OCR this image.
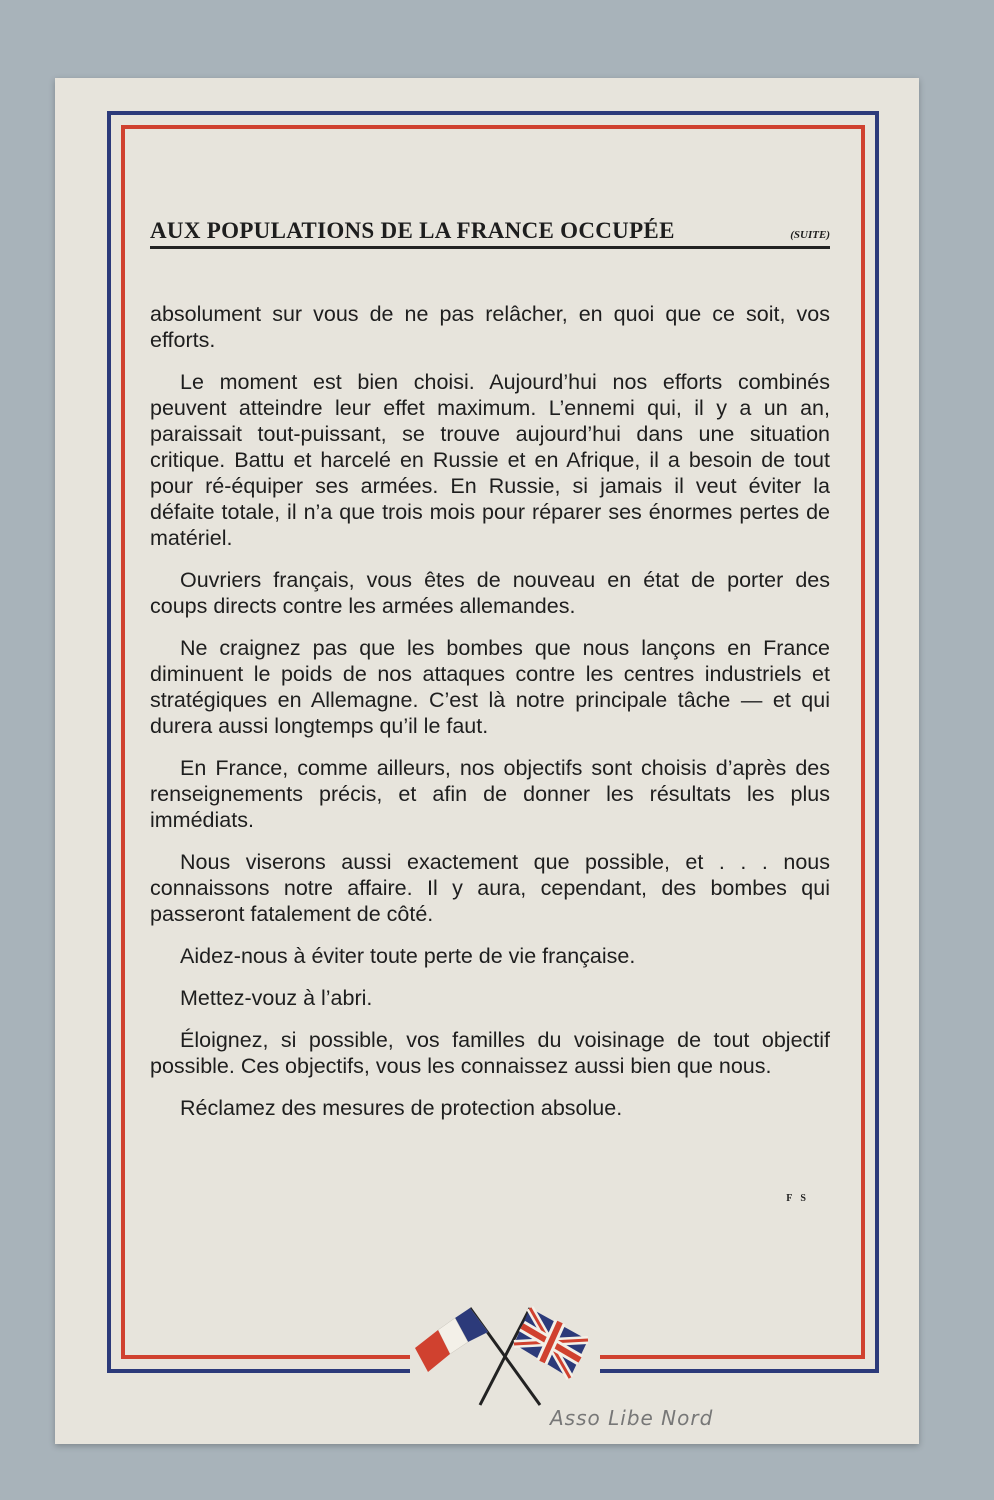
AUX POPULATIONS DE LA FRANCE OCCUPÉE	(SUITE)

absolument sur vous de ne pas relâcher, en quoi que ce soit, vos efforts.

Le moment est bien choisi. Aujourd’hui nos efforts combinés peuvent atteindre leur effet maximum. L’ennemi qui, il y a un an, paraissait tout-puissant, se trouve aujourd’hui dans une situation critique. Battu et harcelé en Russie et en Afrique, il a besoin de tout pour ré-équiper ses armées. En Russie, si jamais il veut éviter la défaite totale, il n’a que trois mois pour réparer ses énormes pertes de matériel.

Ouvriers français, vous êtes de nouveau en état de porter des coups directs contre les armées allemandes.

Ne craignez pas que les bombes que nous lançons en France diminuent le poids de nos attaques contre les centres industriels et stratégiques en Allemagne. C’est là notre principale tâche — et qui durera aussi longtemps qu’il le faut.

En France, comme ailleurs, nos objectifs sont choisis d’après des renseignements précis, et afin de donner les résultats les plus immédiats.

Nous viserons aussi exactement que possible, et . . . nous connaissons notre affaire. Il y aura, cependant, des bombes qui passeront fatalement de côté.

Aidez-nous à éviter toute perte de vie française.

Mettez-vouz à l’abri.

Éloignez, si possible, vos familles du voisinage de tout objectif possible. Ces objectifs, vous les connaissez aussi bien que nous.

Réclamez des mesures de protection absolue.

F S
Asso Libe Nord
